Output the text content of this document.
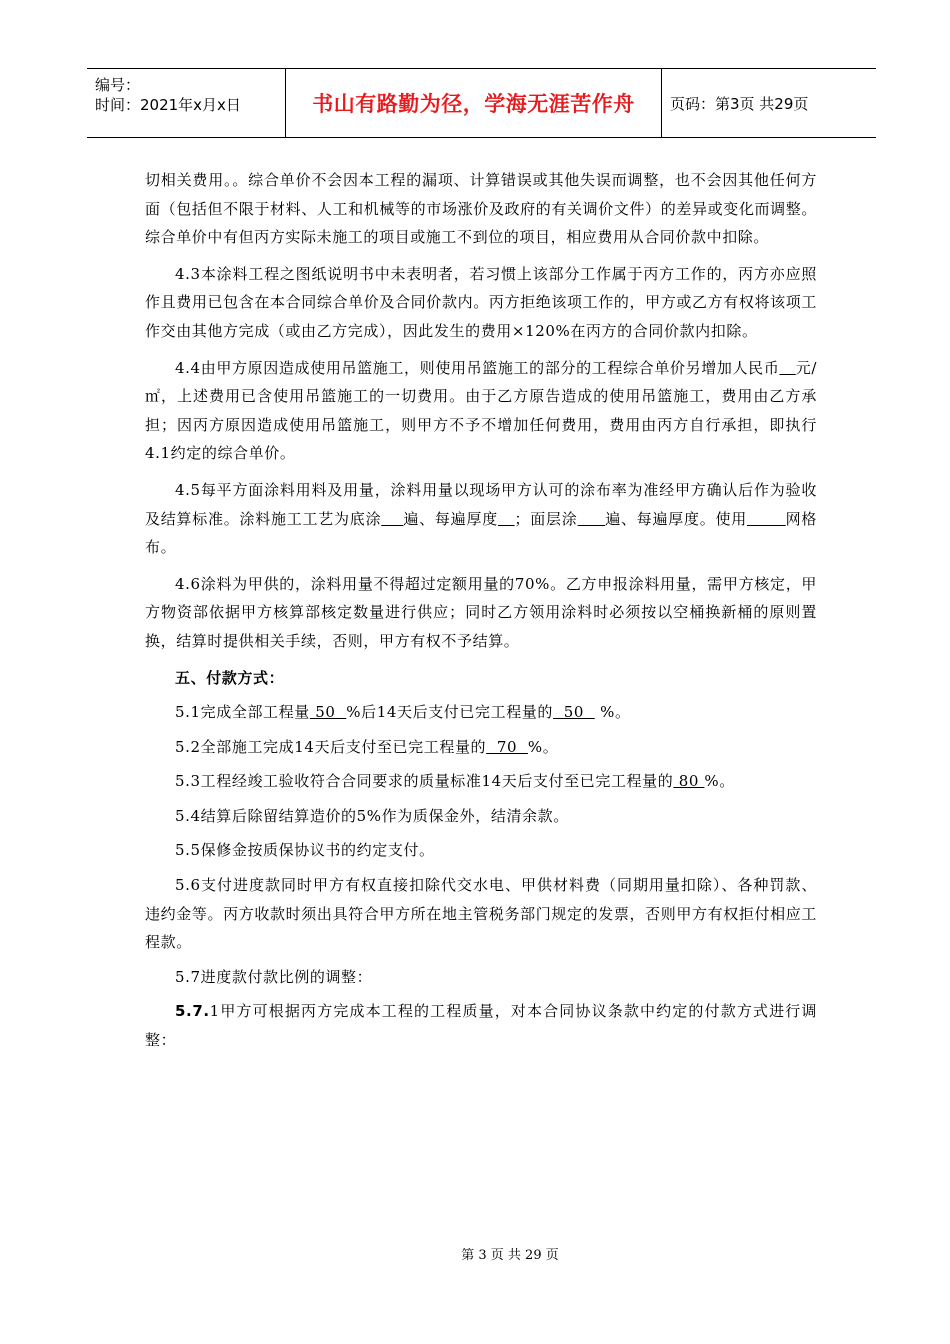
编号：
时间：2021年x月x日	书山有路勤为径，学海无涯苦作舟	页码：第3页 共29页
切相关费用。。综合单价不会因本工程的漏项、计算错误或其他失误而调整，也不会因其他任何方面（包括但不限于材料、人工和机械等的市场涨价及政府的有关调价文件）的差异或变化而调整。综合单价中有但丙方实际未施工的项目或施工不到位的项目，相应费用从合同价款中扣除。
4.3本涂料工程之图纸说明书中未表明者，若习惯上该部分工作属于丙方工作的，丙方亦应照作且费用已包含在本合同综合单价及合同价款内。丙方拒绝该项工作的，甲方或乙方有权将该项工作交由其他方完成（或由乙方完成），因此发生的费用×120%在丙方的合同价款内扣除。
4.4由甲方原因造成使用吊篮施工，则使用吊篮施工的部分的工程综合单价另增加人民币 元/㎡，上述费用已含使用吊篮施工的一切费用。由于乙方原告造成的使用吊篮施工，费用由乙方承担；因丙方原因造成使用吊篮施工，则甲方不予不增加任何费用，费用由丙方自行承担，即执行4.1约定的综合单价。
4.5每平方面涂料用料及用量，涂料用量以现场甲方认可的涂布率为准经甲方确认后作为验收及结算标准。涂料施工工艺为底涂 遍、每遍厚度 ；面层涂 遍、每遍厚度。使用	网格布。
4.6涂料为甲供的，涂料用量不得超过定额用量的70%。乙方申报涂料用量，需甲方核定，甲方物资部依据甲方核算部核定数量进行供应；同时乙方领用涂料时必须按以空桶换新桶的原则置换，结算时提供相关手续，否则，甲方有权不予结算。
五、付款方式：
5.1完成全部工程量 50  %后14天后支付已完工程量的  50   %。
5.2全部施工完成14天后支付至已完工程量的  70  %。
5.3工程经竣工验收符合合同要求的质量标准14天后支付至已完工程量的 80 %。
5.4结算后除留结算造价的5%作为质保金外，结清余款。
5.5保修金按质保协议书的约定支付。
5.6支付进度款同时甲方有权直接扣除代交水电、甲供材料费（同期用量扣除）、各种罚款、违约金等。丙方收款时须出具符合甲方所在地主管税务部门规定的发票，否则甲方有权拒付相应工程款。
5.7进度款付款比例的调整：
5.7.1甲方可根据丙方完成本工程的工程质量，对本合同协议条款中约定的付款方式进行调整：
第 3 页 共 29 页
